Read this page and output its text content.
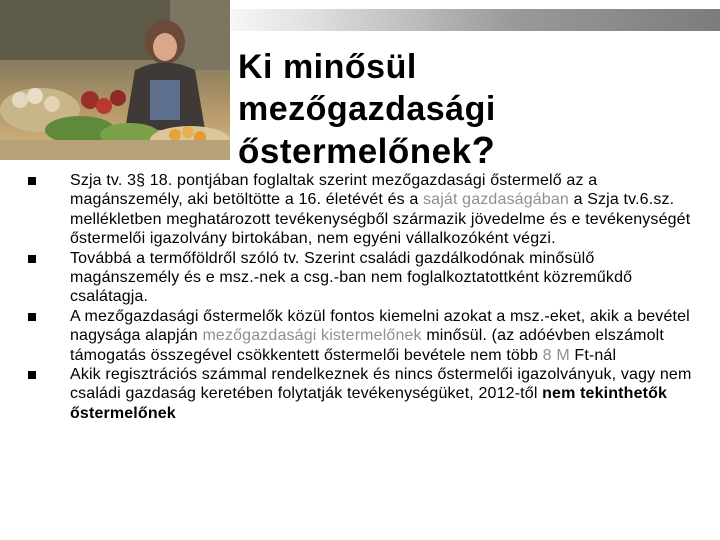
Ki minősül
mezőgazdasági
őstermelőnek?
Szja tv. 3§ 18. pontjában foglaltak szerint mezőgazdasági őstermelő az a magánszemély, aki betöltötte a 16. életévét és a saját gazdaságában a Szja tv.6.sz. mellékletben meghatározott tevékenységből származik jövedelme és e tevékenységét őstermelői igazolvány birtokában, nem egyéni vállalkozóként végzi.
Továbbá a termőföldről szóló tv. Szerint családi gazdálkodónak minősülő magánszemély és e msz.-nek a csg.-ban nem foglalkoztatottként közreműkdő csalátagja.
A mezőgazdasági őstermelők közül fontos kiemelni azokat a msz.-eket, akik a bevétel nagysága alapján mezőgazdasági kistermelőnek minősül. (az adóévben elszámolt támogatás összegével csökkentett őstermelői bevétele nem több 8 M Ft-nál
Akik regisztrációs számmal rendelkeznek és nincs őstermelői igazolványuk, vagy nem családi gazdaság keretében folytatják tevékenységüket, 2012-től nem tekinthetők őstermelőnek
